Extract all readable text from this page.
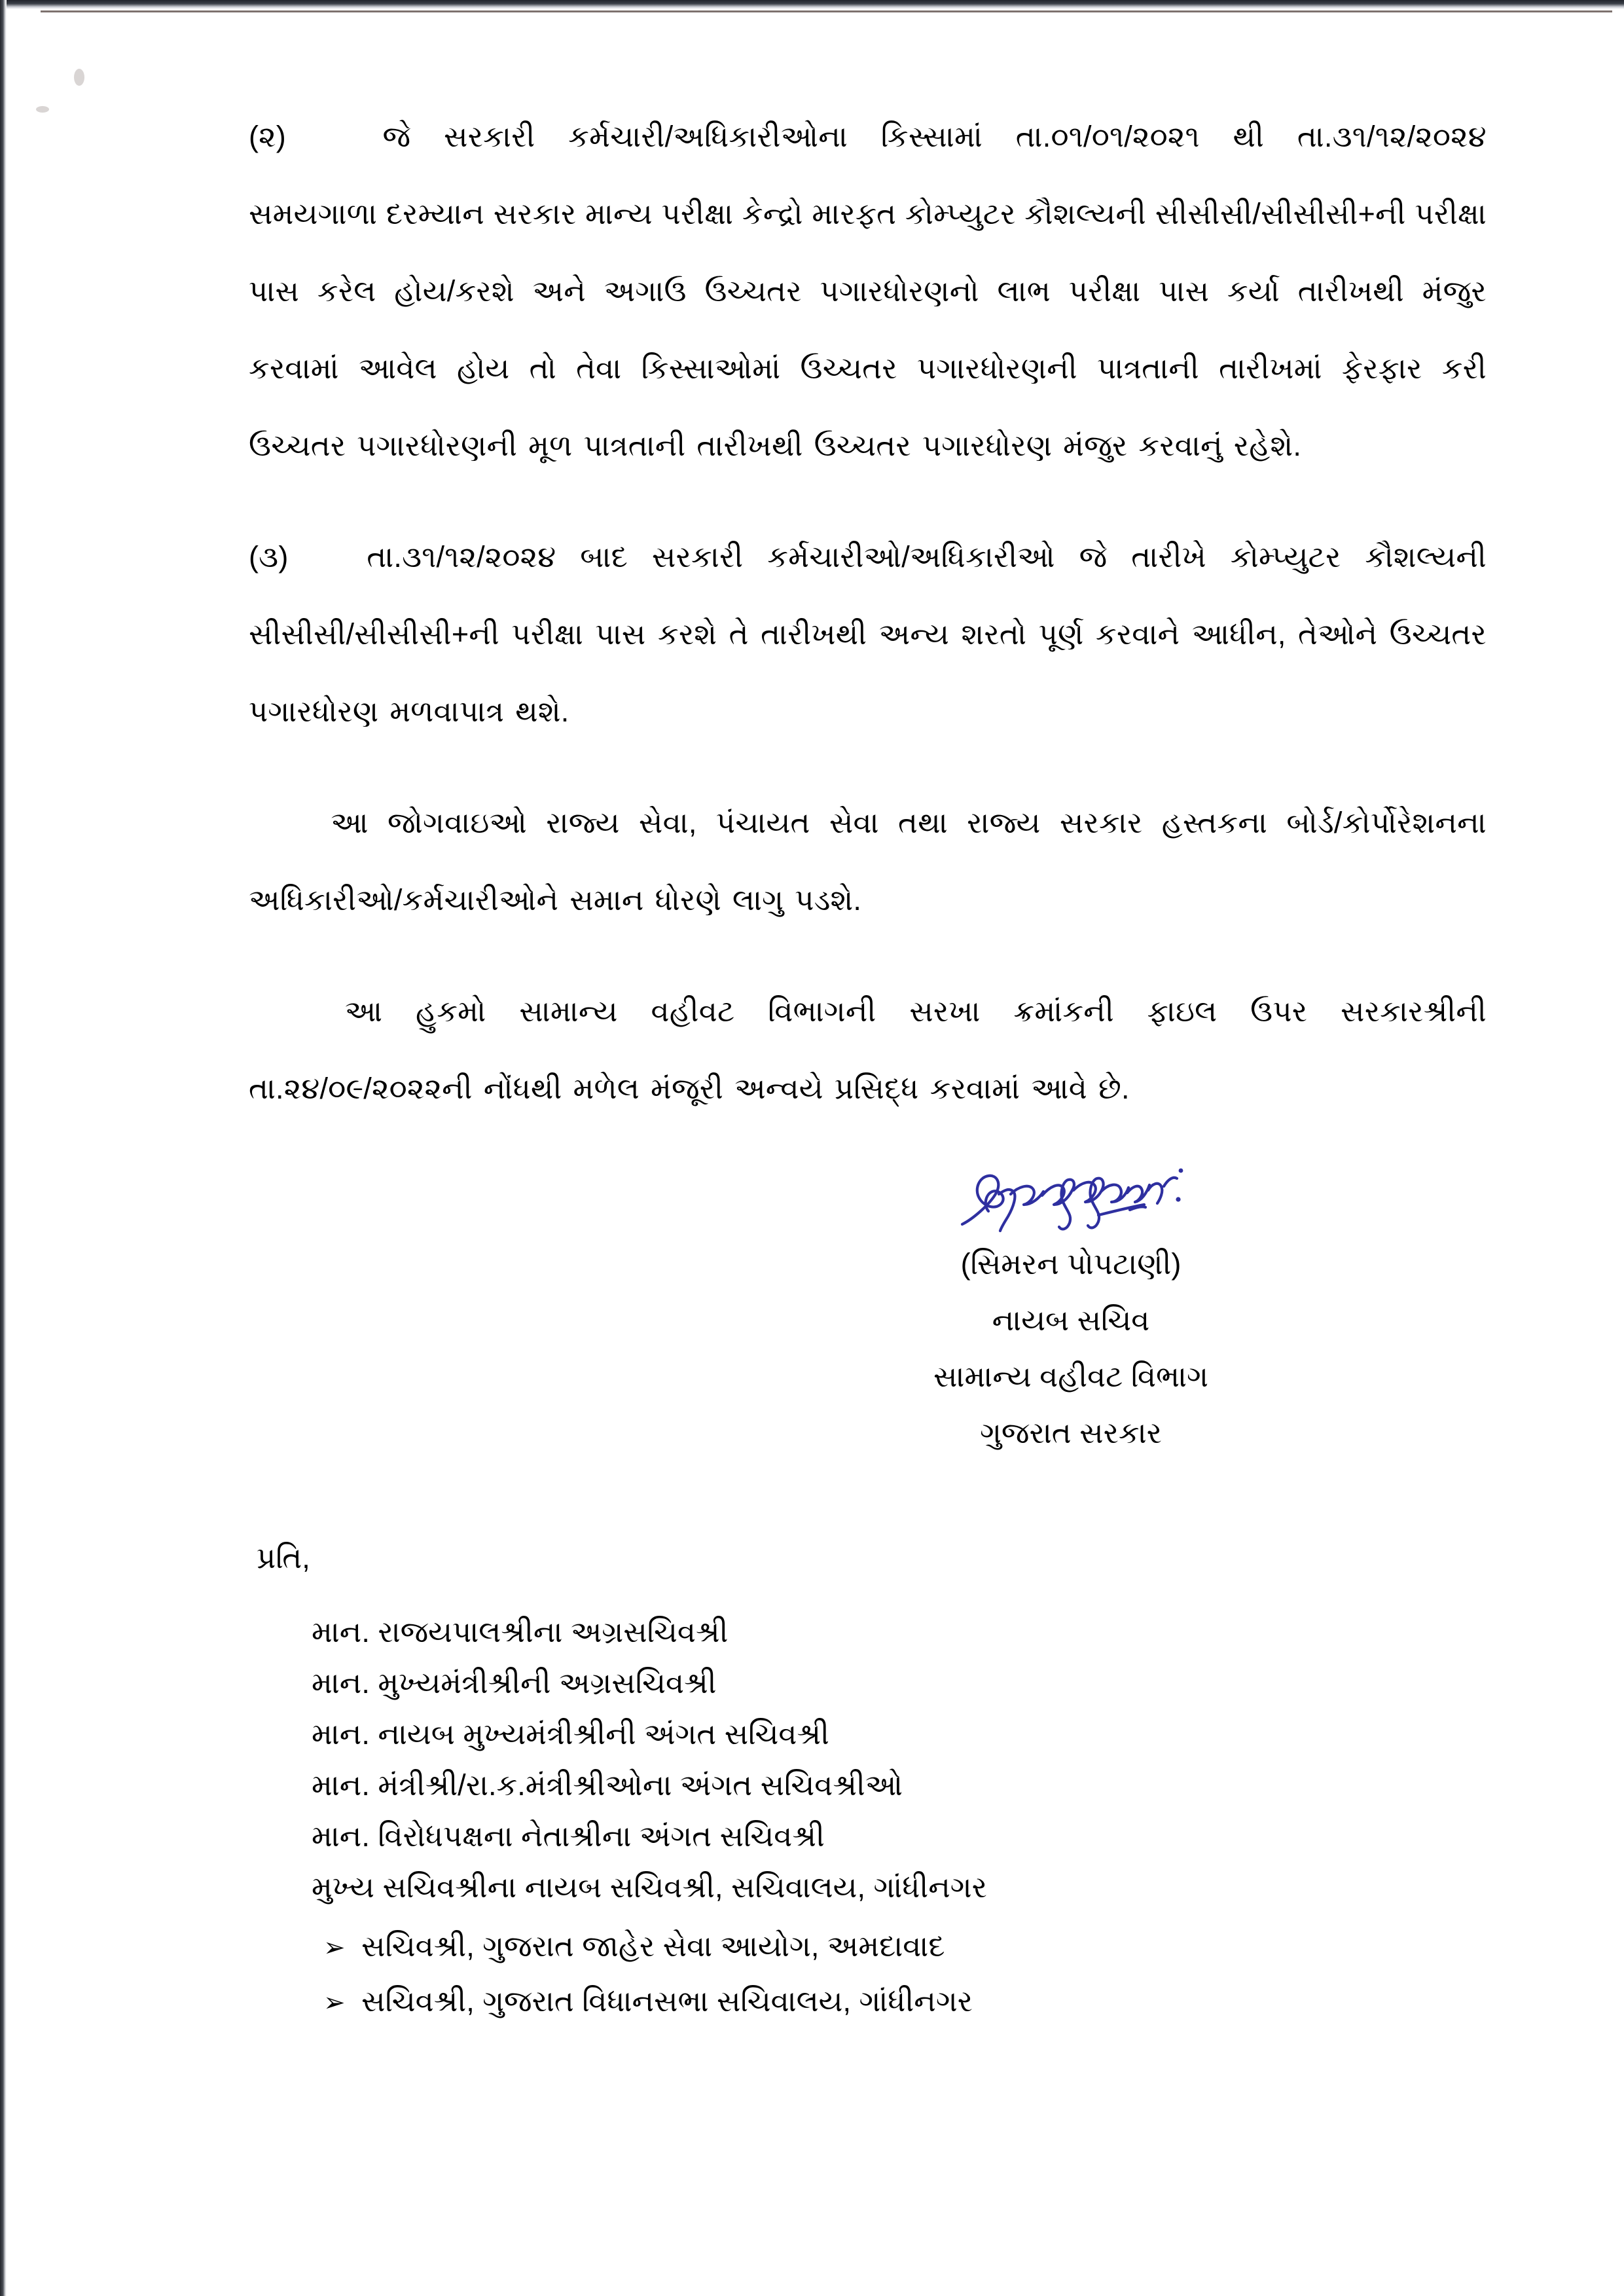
(૨)	જે સરકારી કર્મચારી/અધિકારીઓના કિસ્સામાં તા.૦૧/૦૧/૨૦૨૧ થી તા.૩૧/૧૨/૨૦૨૪
સમયગાળા દરમ્યાન સરકાર માન્ય પરીક્ષા કેન્દ્રો મારફત કોમ્પ્યુટર કૌશલ્યની સીસીસી/સીસીસી+ની પરીક્ષા
પાસ કરેલ હોય/કરશે અને અગાઉ ઉચ્ચતર પગારધોરણનો લાભ પરીક્ષા પાસ કર્યા તારીખથી મંજુર
કરવામાં આવેલ હોય તો તેવા કિસ્સાઓમાં ઉચ્ચતર પગારધોરણની પાત્રતાની તારીખમાં ફેરફાર કરી
ઉચ્ચતર પગારધોરણની મૂળ પાત્રતાની તારીખથી ઉચ્ચતર પગારધોરણ મંજુર કરવાનું રહેશે.
(૩)	તા.૩૧/૧૨/૨૦૨૪ બાદ સરકારી કર્મચારીઓ/અધિકારીઓ જે તારીખે કોમ્પ્યુટર કૌશલ્યની
સીસીસી/સીસીસી+ની પરીક્ષા પાસ કરશે તે તારીખથી અન્ય શરતો પૂર્ણ કરવાને આધીન, તેઓને ઉચ્ચતર
પગારધોરણ મળવાપાત્ર થશે.
આ જોગવાઇઓ રાજ્ય સેવા, પંચાયત સેવા તથા રાજ્ય સરકાર હસ્તકના બોર્ડ/કોર્પોરેશનના
અધિકારીઓ/કર્મચારીઓને સમાન ધોરણે લાગુ પડશે.
આ હુકમો સામાન્ય વહીવટ વિભાગની સરખા ક્રમાંકની ફાઇલ ઉપર સરકારશ્રીની
તા.૨૪/૦૯/૨૦૨૨ની નોંધથી મળેલ મંજૂરી અન્વયે પ્રસિદ્ધ કરવામાં આવે છે.
(સિમરન પોપટાણી)
નાયબ સચિવ
સામાન્ય વહીવટ વિભાગ
ગુજરાત સરકાર
પ્રતિ,
માન. રાજયપાલશ્રીના અગ્રસચિવશ્રી
માન. મુખ્યમંત્રીશ્રીની અગ્રસચિવશ્રી
માન. નાયબ મુખ્યમંત્રીશ્રીની અંગત સચિવશ્રી
માન. મંત્રીશ્રી/રા.ક.મંત્રીશ્રીઓના અંગત સચિવશ્રીઓ
માન. વિરોધપક્ષના નેતાશ્રીના અંગત સચિવશ્રી
મુખ્ય સચિવશ્રીના નાયબ સચિવશ્રી, સચિવાલય, ગાંધીનગર
➢ સચિવશ્રી, ગુજરાત જાહેર સેવા આયોગ, અમદાવાદ
➢ સચિવશ્રી, ગુજરાત વિધાનસભા સચિવાલય, ગાંધીનગર
